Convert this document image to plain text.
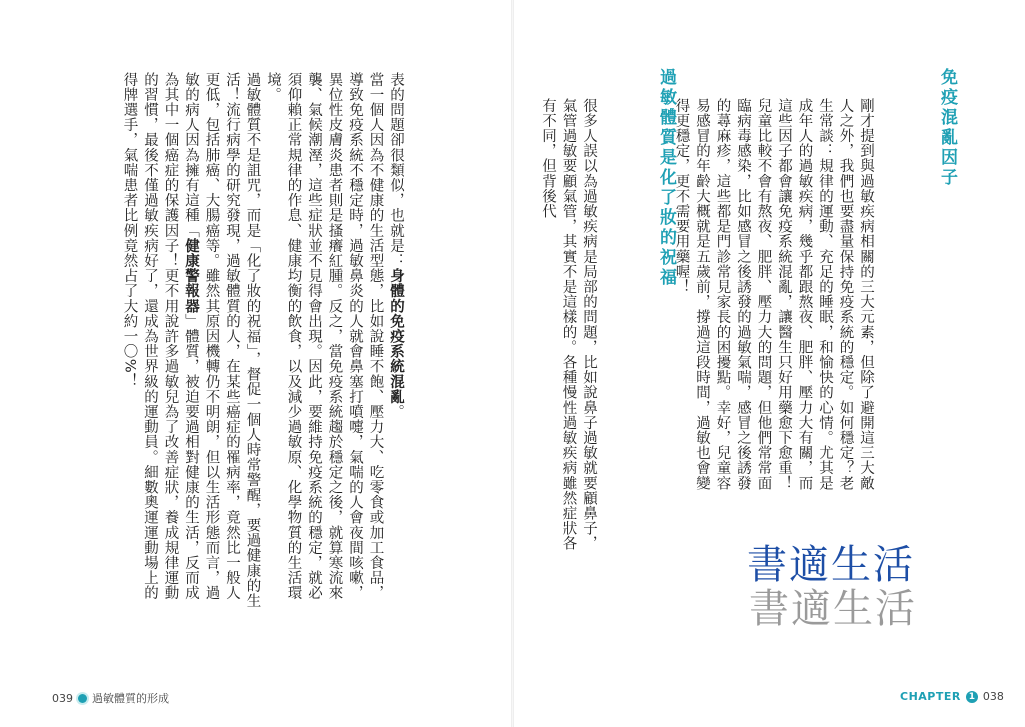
免疫混亂因子

剛才提到與過敏疾病相關的三大元素，但除了避開這三大敵人之外，我們也要盡量保持免疫系統的穩定。如何穩定？老生常談：規律的運動、充足的睡眠，和愉快的心情。尤其是成年人的過敏疾病，幾乎都跟熬夜、肥胖、壓力大有關，而這些因子都會讓免疫系統混亂，讓醫生只好用藥愈下愈重！
兒童比較不會有熬夜、肥胖、壓力大的問題，但他們常常面臨病毒感染，比如感冒之後誘發的過敏氣喘，感冒之後誘發的蕁麻疹，這些都是門診常見家長的困擾點。幸好，兒童容易感冒的年齡大概就是五歲前，撐過這段時間，過敏也會變得更穩定，更不需要用藥喔！

過敏體質是化了妝的祝福

很多人誤以為過敏疾病是局部的問題，比如說鼻子過敏就要顧鼻子，氣管過敏要顧氣管，其實不是這樣的。各種慢性過敏疾病雖然症狀各有不同，但背後代

書適生活
書適生活

表的問題卻很類似，也就是：身體的免疫系統混亂。
當一個人因為不健康的生活型態，比如說睡不飽、壓力大、吃零食或加工食品，導致免疫系統不穩定時，過敏鼻炎的人就會鼻塞打噴嚏，氣喘的人會夜間咳嗽，異位性皮膚炎患者則是搔癢紅腫。反之，當免疫系統趨於穩定之後，就算寒流來襲、氣候潮溼，這些症狀並不見得會出現。因此，要維持免疫系統的穩定，就必須仰賴正常規律的作息、健康均衡的飲食，以及減少過敏原、化學物質的生活環境。
過敏體質不是詛咒，而是「化了妝的祝福」，督促一個人時常警醒，要過健康的生活！流行病學的研究發現，過敏體質的人，在某些癌症的罹病率，竟然比一般人更低，包括肺癌、大腸癌等。雖然其原因機轉仍不明朗，但以生活形態而言，過敏的病人因為擁有這種「健康警報器」體質，被迫要過相對健康的生活，反而成為其中一個癌症的保護因子！更不用說許多過敏兒為了改善症狀，養成規律運動的習慣，最後不僅過敏疾病好了，還成為世界級的運動員。細數奧運運動場上的得牌選手，氣喘患者比例竟然占了大約一〇%！

039 過敏體質的形成	CHAPTER 1 038
